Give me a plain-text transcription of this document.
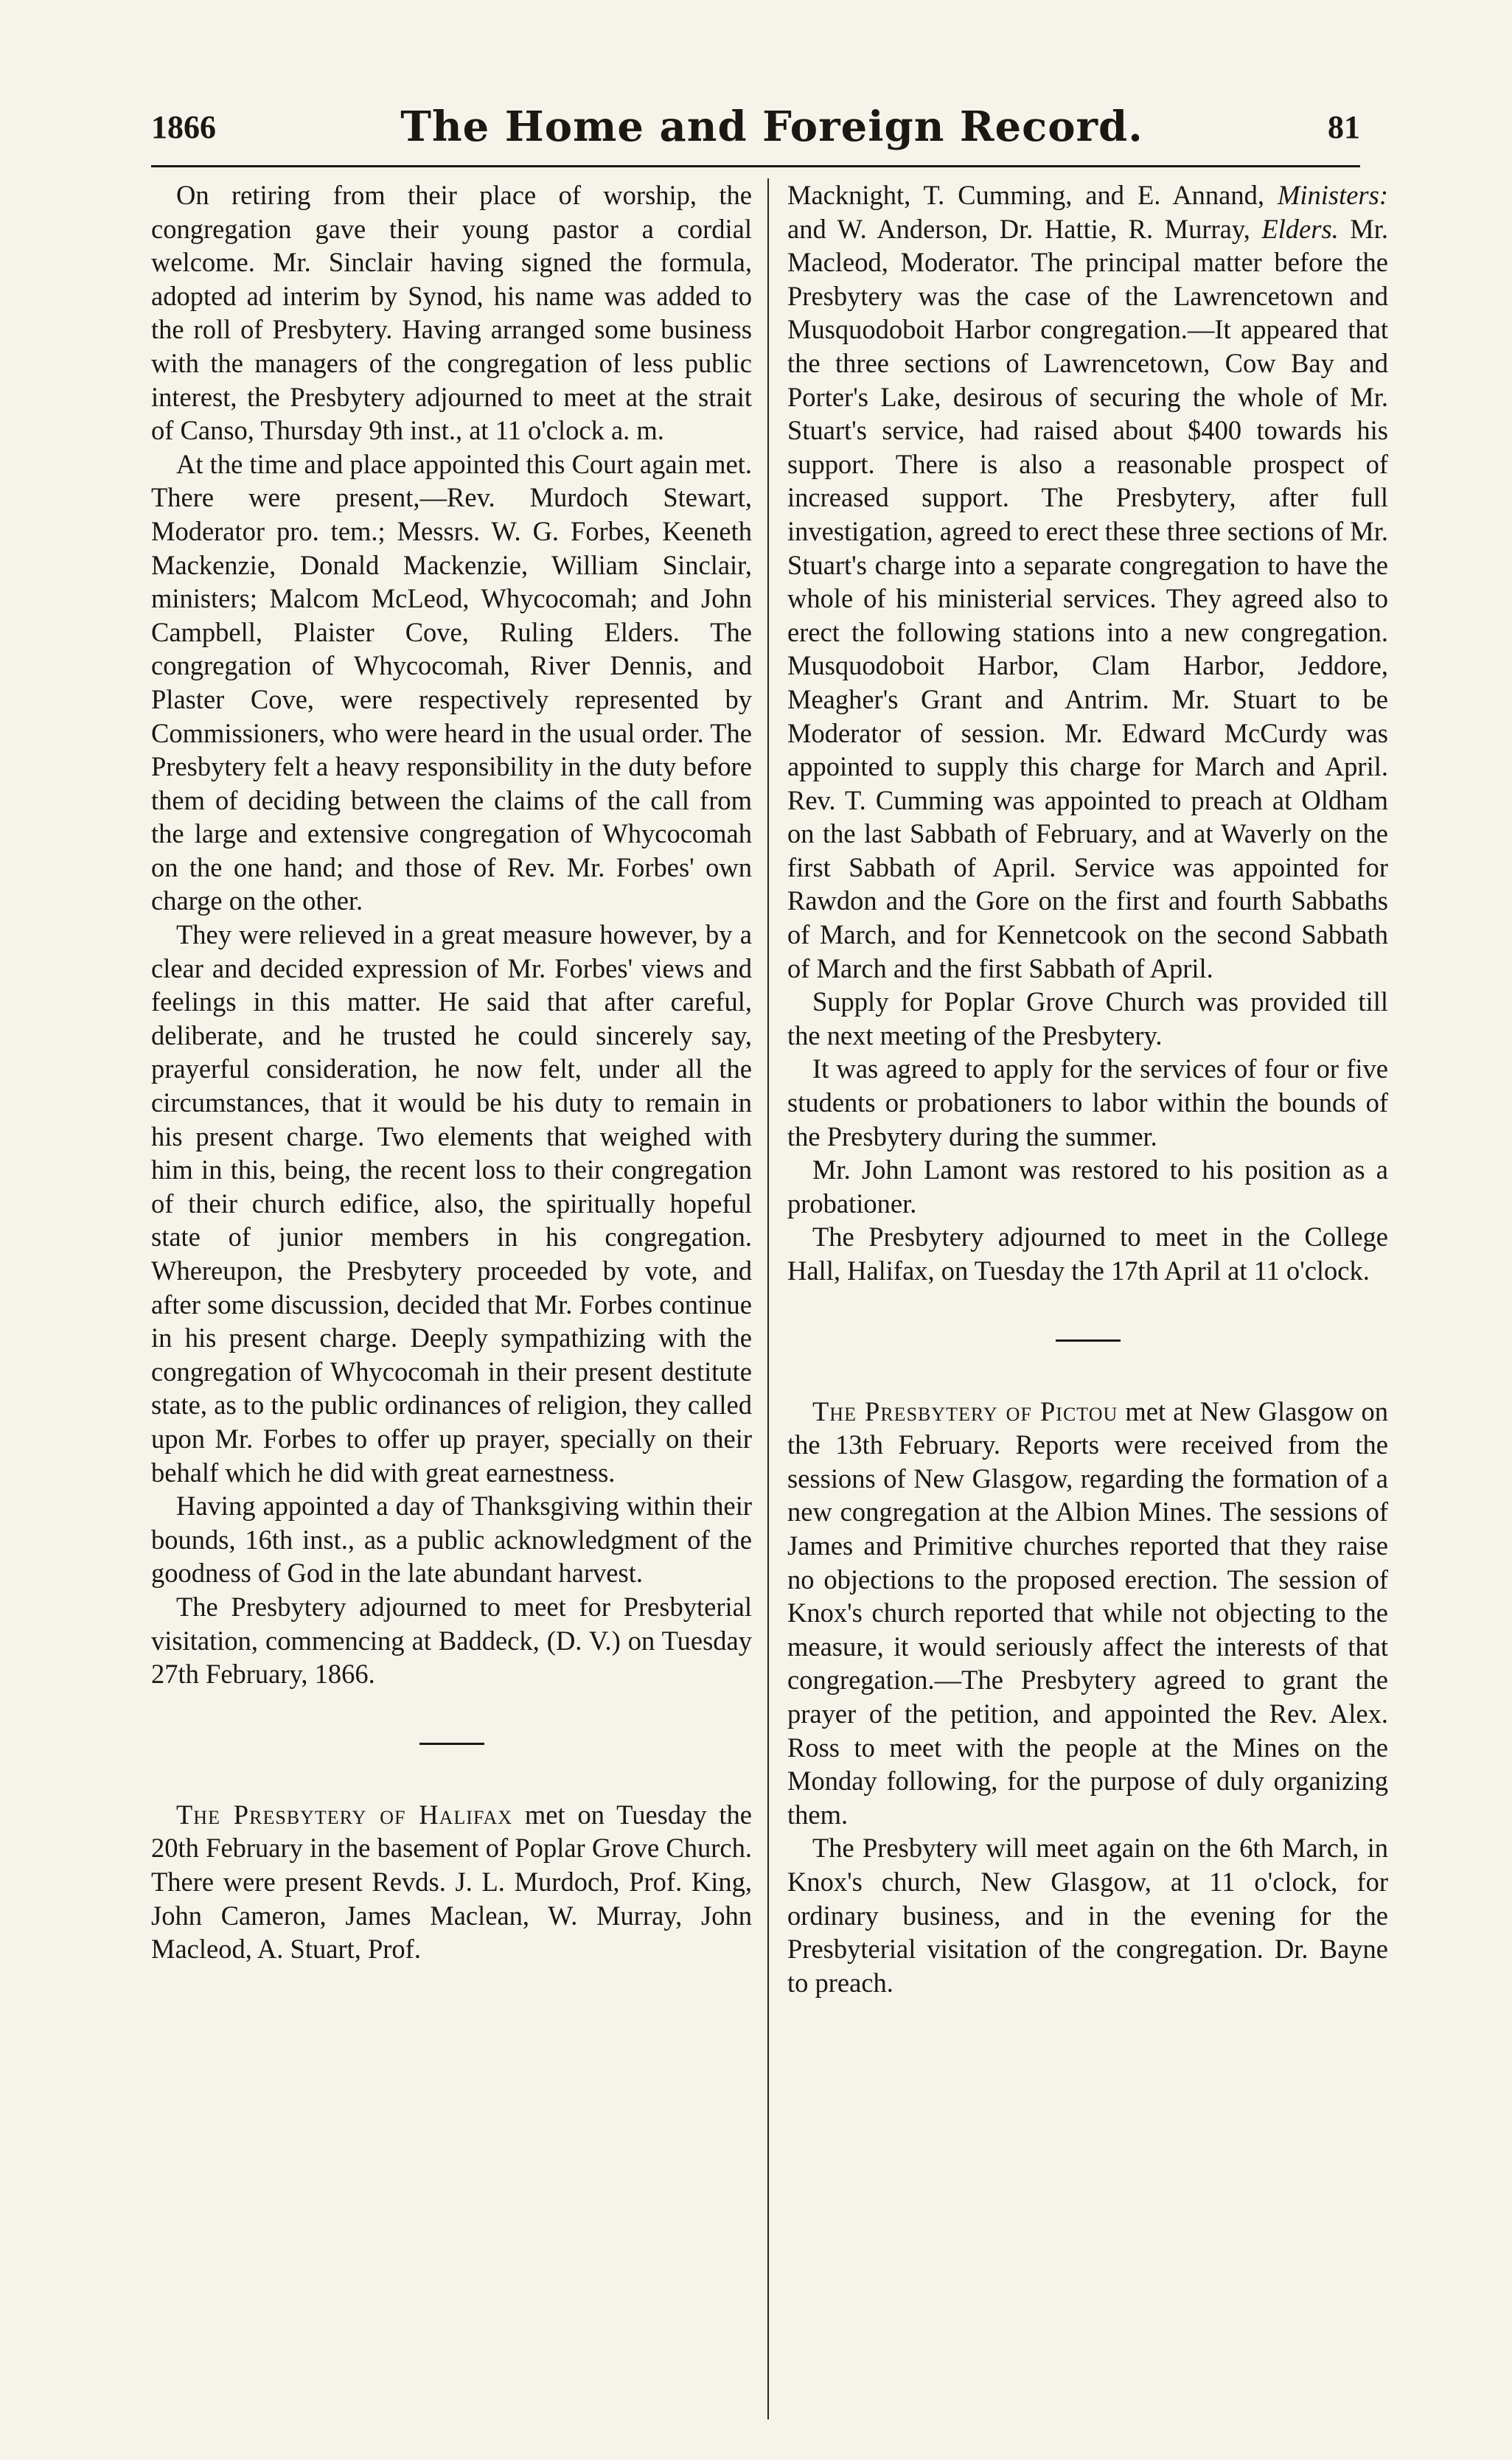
1866	The Home and Foreign Record.	81

On retiring from their place of worship, the congregation gave their young pastor a cordial welcome. Mr. Sinclair having signed the formula, adopted ad interim by Synod, his name was added to the roll of Presbytery. Having arranged some business with the managers of the congregation of less public interest, the Presbytery adjourned to meet at the strait of Canso, Thursday 9th inst., at 11 o'clock a. m.

At the time and place appointed this Court again met. There were present,—Rev. Murdoch Stewart, Moderator pro. tem.; Messrs. W. G. Forbes, Keeneth Mackenzie, Donald Mackenzie, William Sinclair, ministers; Malcom McLeod, Whycocomah; and John Campbell, Plaister Cove, Ruling Elders. The congregation of Whycocomah, River Dennis, and Plaster Cove, were respectively represented by Commissioners, who were heard in the usual order. The Presbytery felt a heavy responsibility in the duty before them of deciding between the claims of the call from the large and extensive congregation of Whycocomah on the one hand; and those of Rev. Mr. Forbes' own charge on the other.

They were relieved in a great measure however, by a clear and decided expression of Mr. Forbes' views and feelings in this matter. He said that after careful, deliberate, and he trusted he could sincerely say, prayerful consideration, he now felt, under all the circumstances, that it would be his duty to remain in his present charge. Two elements that weighed with him in this, being, the recent loss to their congregation of their church edifice, also, the spiritually hopeful state of junior members in his congregation. Whereupon, the Presbytery proceeded by vote, and after some discussion, decided that Mr. Forbes continue in his present charge. Deeply sympathizing with the congregation of Whycocomah in their present destitute state, as to the public ordinances of religion, they called upon Mr. Forbes to offer up prayer, specially on their behalf which he did with great earnestness.

Having appointed a day of Thanksgiving within their bounds, 16th inst., as a public acknowledgment of the goodness of God in the late abundant harvest.

The Presbytery adjourned to meet for Presbyterial visitation, commencing at Baddeck, (D. V.) on Tuesday 27th February, 1866.

The Presbytery of Halifax met on Tuesday the 20th February in the basement of Poplar Grove Church. There were present Revds. J. L. Murdoch, Prof. King, John Cameron, James Maclean, W. Murray, John Macleod, A. Stuart, Prof.

Macknight, T. Cumming, and E. Annand, Ministers: and W. Anderson, Dr. Hattie, R. Murray, Elders. Mr. Macleod, Moderator. The principal matter before the Presbytery was the case of the Lawrencetown and Musquodoboit Harbor congregation.—It appeared that the three sections of Lawrencetown, Cow Bay and Porter's Lake, desirous of securing the whole of Mr. Stuart's service, had raised about $400 towards his support. There is also a reasonable prospect of increased support. The Presbytery, after full investigation, agreed to erect these three sections of Mr. Stuart's charge into a separate congregation to have the whole of his ministerial services. They agreed also to erect the following stations into a new congregation. Musquodoboit Harbor, Clam Harbor, Jeddore, Meagher's Grant and Antrim. Mr. Stuart to be Moderator of session. Mr. Edward McCurdy was appointed to supply this charge for March and April. Rev. T. Cumming was appointed to preach at Oldham on the last Sabbath of February, and at Waverly on the first Sabbath of April. Service was appointed for Rawdon and the Gore on the first and fourth Sabbaths of March, and for Kennetcook on the second Sabbath of March and the first Sabbath of April.

Supply for Poplar Grove Church was provided till the next meeting of the Presbytery.

It was agreed to apply for the services of four or five students or probationers to labor within the bounds of the Presbytery during the summer.

Mr. John Lamont was restored to his position as a probationer.

The Presbytery adjourned to meet in the College Hall, Halifax, on Tuesday the 17th April at 11 o'clock.

The Presbytery of Pictou met at New Glasgow on the 13th February. Reports were received from the sessions of New Glasgow, regarding the formation of a new congregation at the Albion Mines. The sessions of James and Primitive churches reported that they raise no objections to the proposed erection. The session of Knox's church reported that while not objecting to the measure, it would seriously affect the interests of that congregation.—The Presbytery agreed to grant the prayer of the petition, and appointed the Rev. Alex. Ross to meet with the people at the Mines on the Monday following, for the purpose of duly organizing them.

The Presbytery will meet again on the 6th March, in Knox's church, New Glasgow, at 11 o'clock, for ordinary business, and in the evening for the Presbyterial visitation of the congregation. Dr. Bayne to preach.
